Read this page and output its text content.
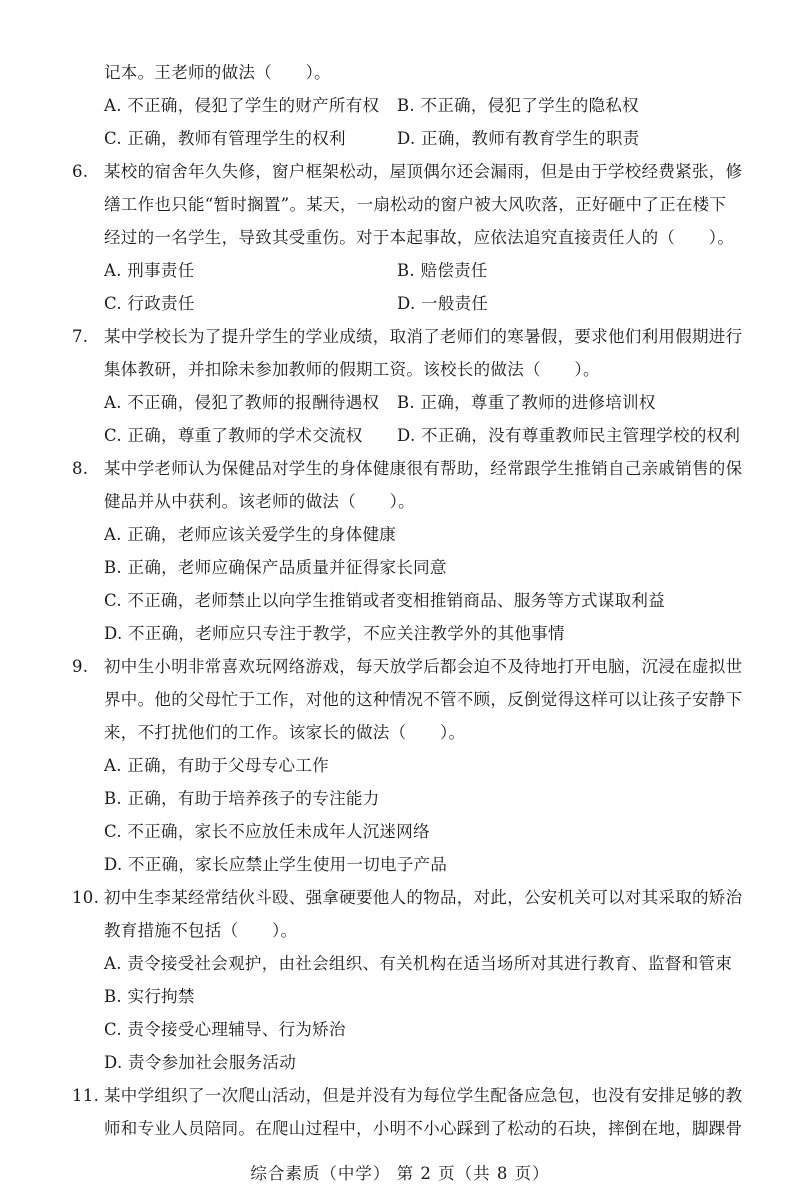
记本。王老师的做法（　　）。
A. 不正确，侵犯了学生的财产所有权 B. 不正确，侵犯了学生的隐私权
C. 正确，教师有管理学生的权利	D. 正确，教师有教育学生的职责
6. 某校的宿舍年久失修，窗户框架松动，屋顶偶尔还会漏雨，但是由于学校经费紧张，修
缮工作也只能“暂时搁置”。某天，一扇松动的窗户被大风吹落，正好砸中了正在楼下
经过的一名学生，导致其受重伤。对于本起事故，应依法追究直接责任人的（　　）。
A. 刑事责任	B. 赔偿责任
C. 行政责任	D. 一般责任
7. 某中学校长为了提升学生的学业成绩，取消了老师们的寒暑假，要求他们利用假期进行
集体教研，并扣除未参加教师的假期工资。该校长的做法（　　）。
A. 不正确，侵犯了教师的报酬待遇权 B. 正确，尊重了教师的进修培训权
C. 正确，尊重了教师的学术交流权 D. 不正确，没有尊重教师民主管理学校的权利
8. 某中学老师认为保健品对学生的身体健康很有帮助，经常跟学生推销自己亲戚销售的保
健品并从中获利。该老师的做法（　　）。
A. 正确，老师应该关爱学生的身体健康
B. 正确，老师应确保产品质量并征得家长同意
C. 不正确，老师禁止以向学生推销或者变相推销商品、服务等方式谋取利益
D. 不正确，老师应只专注于教学，不应关注教学外的其他事情
9. 初中生小明非常喜欢玩网络游戏，每天放学后都会迫不及待地打开电脑，沉浸在虚拟世
界中。他的父母忙于工作，对他的这种情况不管不顾，反倒觉得这样可以让孩子安静下
来，不打扰他们的工作。该家长的做法（　　）。
A. 正确，有助于父母专心工作
B. 正确，有助于培养孩子的专注能力
C. 不正确，家长不应放任未成年人沉迷网络
D. 不正确，家长应禁止学生使用一切电子产品
10. 初中生李某经常结伙斗殴、强拿硬要他人的物品，对此，公安机关可以对其采取的矫治
教育措施不包括（　　）。
A. 责令接受社会观护，由社会组织、有关机构在适当场所对其进行教育、监督和管束
B. 实行拘禁
C. 责令接受心理辅导、行为矫治
D. 责令参加社会服务活动
11. 某中学组织了一次爬山活动，但是并没有为每位学生配备应急包，也没有安排足够的教
师和专业人员陪同。在爬山过程中，小明不小心踩到了松动的石块，摔倒在地，脚踝骨
综合素质（中学） 第 2 页（共 8 页）
